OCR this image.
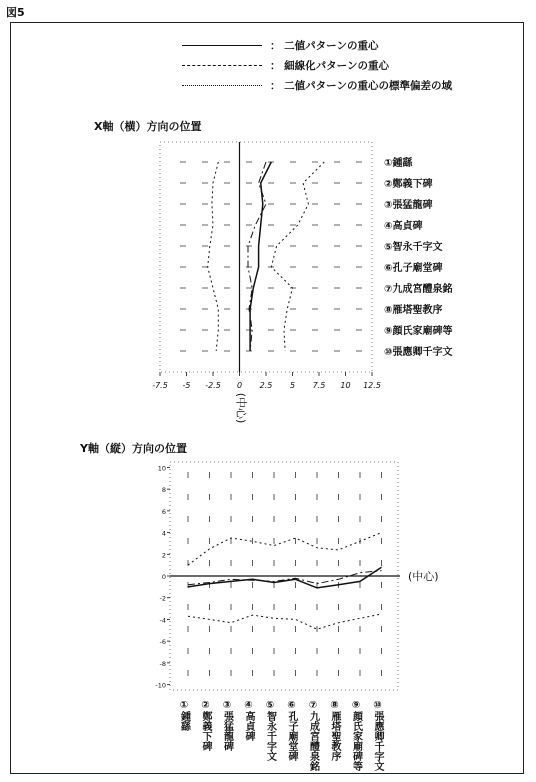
図5
： 二値パターンの重心
： 細線化パターンの重心
： 二値パターンの重心の標準偏差の域
X軸（横）方向の位置
Y軸（縦）方向の位置
-7.5 -5 -2.5 0 2.5 5 7.5 10 12.5
(中心)
①鍾繇
②鄭義下碑
③張猛龍碑
④高貞碑
⑤智永千字文
⑥孔子廟堂碑
⑦九成宮醴泉銘
⑧雁塔聖教序
⑨顔氏家廟碑等
⑩張應卿千字文
(中心)
10
8
6
4
2
0
-2
-4
-6
-8
-10
①鍾繇 ②鄭義下碑 ③張猛龍碑 ④高貞碑 ⑤智永千字文 ⑥孔子廟堂碑 ⑦九成宮醴泉銘 ⑧雁塔聖教序 ⑨顔氏家廟碑等 ⑩張應卿千字文
